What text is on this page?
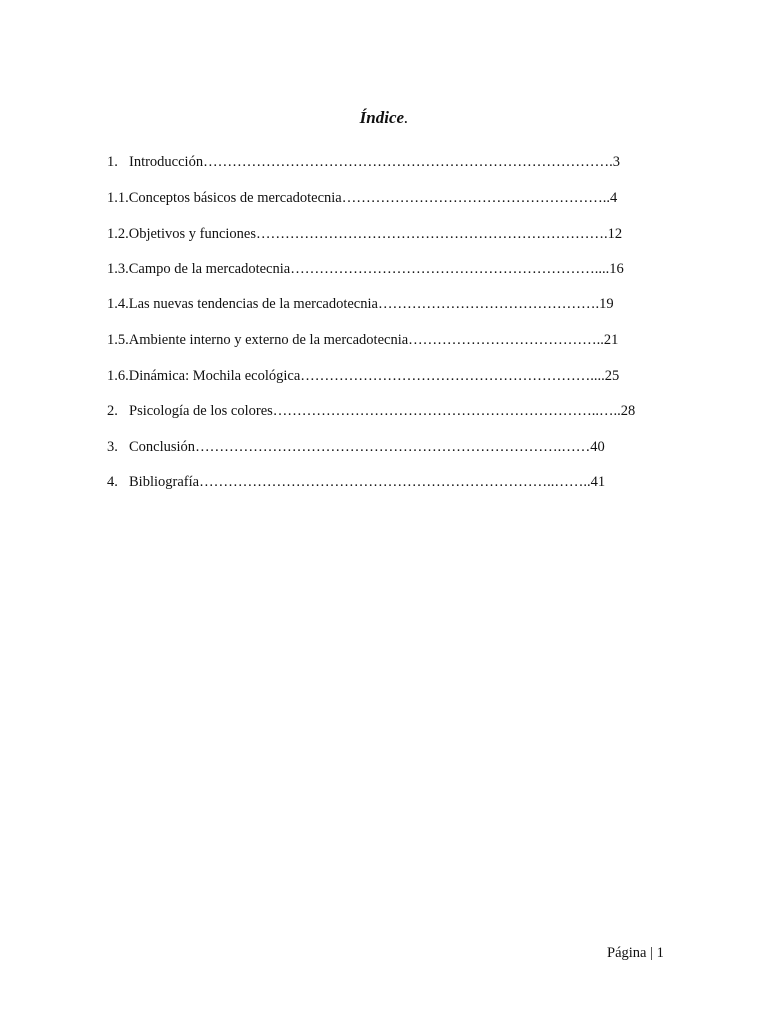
Índice.
1. Introducción………………………………………………………………………….3
1.1.Conceptos básicos de mercadotecnia………………………………………………..4
1.2.Objetivos y funciones……………………………………………………………….12
1.3.Campo de la mercadotecnia………………………………………………………....16
1.4.Las nuevas tendencias de la mercadotecnia……………………………………….19
1.5.Ambiente interno y externo de la mercadotecnia…………………………………..21
1.6.Dinámica: Mochila ecológica……………………………………………………....25
2. Psicología de los colores…………………………………………………………..…..28
3. Conclusión………………………………………………………………….……40
4. Bibliografía………………………………………………………………..……..41
Página | 1
